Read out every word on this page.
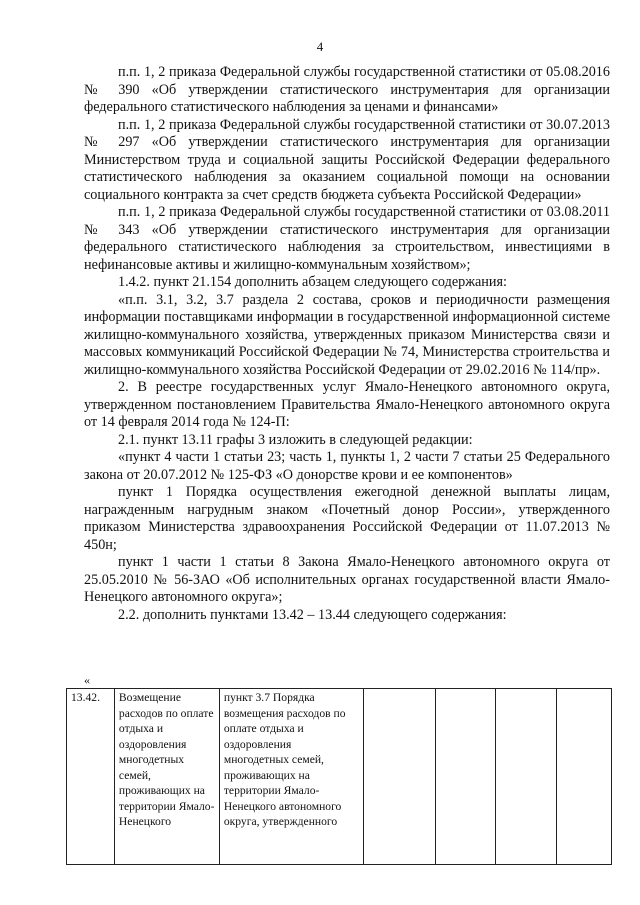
4

п.п. 1, 2 приказа Федеральной службы государственной статистики от 05.08.2016 № 390 «Об утверждении статистического инструментария для организации федерального статистического наблюдения за ценами и финансами»

п.п. 1, 2 приказа Федеральной службы государственной статистики от 30.07.2013 № 297 «Об утверждении статистического инструментария для организации Министерством труда и социальной защиты Российской Федерации федерального статистического наблюдения за оказанием социальной помощи на основании социального контракта за счет средств бюджета субъекта Российской Федерации»

п.п. 1, 2 приказа Федеральной службы государственной статистики от 03.08.2011 № 343 «Об утверждении статистического инструментария для организации федерального статистического наблюдения за строительством, инвестициями в нефинансовые активы и жилищно-коммунальным хозяйством»;

1.4.2. пункт 21.154 дополнить абзацем следующего содержания:

«п.п. 3.1, 3.2, 3.7 раздела 2 состава, сроков и периодичности размещения информации поставщиками информации в государственной информационной системе жилищно-коммунального хозяйства, утвержденных приказом Министерства связи и массовых коммуникаций Российской Федерации № 74, Министерства строительства и жилищно-коммунального хозяйства Российской Федерации от 29.02.2016 № 114/пр».

2. В реестре государственных услуг Ямало-Ненецкого автономного округа, утвержденном постановлением Правительства Ямало-Ненецкого автономного округа от 14 февраля 2014 года № 124-П:

2.1. пункт 13.11 графы 3 изложить в следующей редакции:

«пункт 4 части 1 статьи 23; часть 1, пункты 1, 2 части 7 статьи 25 Федерального закона от 20.07.2012 № 125-ФЗ «О донорстве крови и ее компонентов»

пункт 1 Порядка осуществления ежегодной денежной выплаты лицам, награжденным нагрудным знаком «Почетный донор России», утвержденного приказом Министерства здравоохранения Российской Федерации от 11.07.2013 № 450н;

пункт 1 части 1 статьи 8 Закона Ямало-Ненецкого автономного округа от 25.05.2010 № 56-ЗАО «Об исполнительных органах государственной власти Ямало-Ненецкого автономного округа»;

2.2. дополнить пунктами 13.42 – 13.44 следующего содержания:

«
13.42.	Возмещение расходов по оплате отдыха и оздоровления многодетных семей, проживающих на территории Ямало-Ненецкого	пункт 3.7 Порядка возмещения расходов по оплате отдыха и оздоровления многодетных семей, проживающих на территории Ямало-Ненецкого автономного округа, утвержденного				
